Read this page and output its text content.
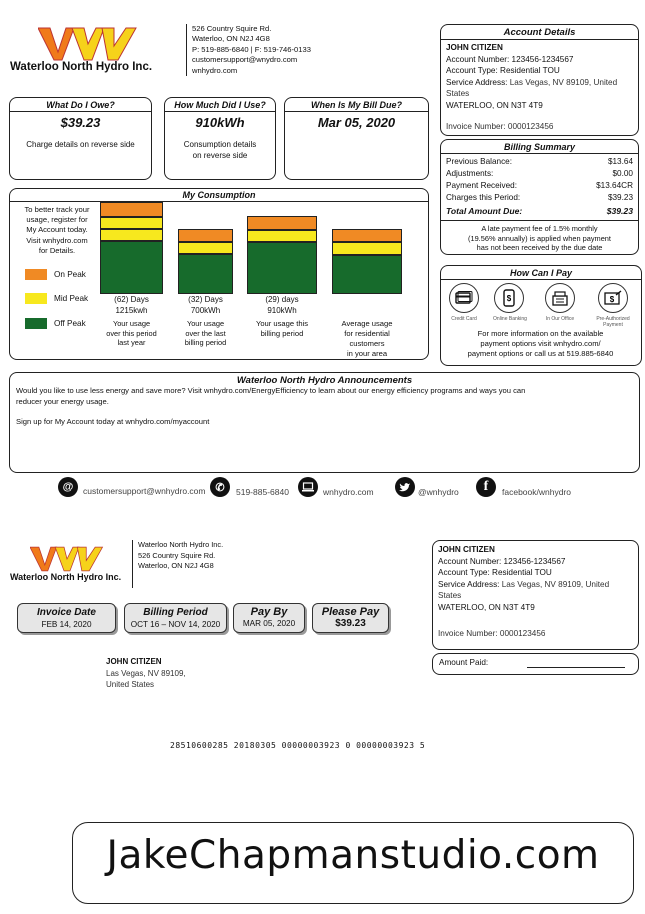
Waterloo North Hydro Inc.
526 Country Squire Rd.
Waterloo, ON N2J 4G8
P: 519-885-6840 | F: 519-746-0133
customersupport@wnydro.com
wnhydro.com
Account Details
JOHN CITIZEN
Account Number: 123456-1234567
Account Type: Residential TOU
Service Address: Las Vegas, NV 89109, United
States
WATERLOO, ON N3T 4T9
Invoice Number: 0000123456
What Do I Owe?
$39.23
Charge details on reverse side
How Much Did I Use?
910kWh
Consumption details
on reverse side
When Is My Bill Due?
Mar 05, 2020
Billing Summary
Previous Balance:	$13.64
Adjustments:	$0.00
Payment Received:	$13.64CR
Charges this Period:	$39.23
Total Amount Due:	$39.23
A late payment fee of 1.5% monthly
(19.56% annually) is applied when payment
has not been received by the due date
My Consumption
To better track your
usage, register for
My Account today.
Visit wnhydro.com
for Details.
On Peak
Mid Peak
Off Peak
(62) Days
1215kwh
Your usage
over this period
last year
(32) Days
700kWh
Your usage
over the last
billing period
(29) days
910kWh
Your usage this
billing period
Average usage
for residential
customers
in your area
How Can I Pay
$	$
Credit Card	Online Banking	In Our Office	Pre-Authorized Payment
For more information on the available
payment options visit wnhydro.com/
payment options or call us at 519.885-6840
Waterloo North Hydro Announcements
Would you like to use less energy and save more? Visit wnhydro.com/EnergyEfficiency to learn about our energy efficiency programs and ways you can
reducer your energy usage.
Sign up for My Account today at wnhydro.com/myaccount
@	customersupport@wnhydro.com ✆	519-885-6840	wnhydro.com	@wnhydro	f	facebook/wnhydro
Waterloo North Hydro Inc.
Waterloo North Hydro Inc.
526 Country Squire Rd.
Waterloo, ON N2J 4G8
JOHN CITIZEN
Account Number: 123456-1234567
Account Type: Residential TOU
Service Address: Las Vegas, NV 89109, United
States
WATERLOO, ON N3T 4T9
Invoice Number: 0000123456
Amount Paid:
Invoice Date
FEB 14, 2020
Billing Period
OCT 16 – NOV 14, 2020
Pay By
MAR 05, 2020
Please Pay
$39.23
JOHN CITIZEN
Las Vegas, NV 89109,
United States
28510600285 20180305 00000003923 0 00000003923 5
JakeChapmanstudio.com
